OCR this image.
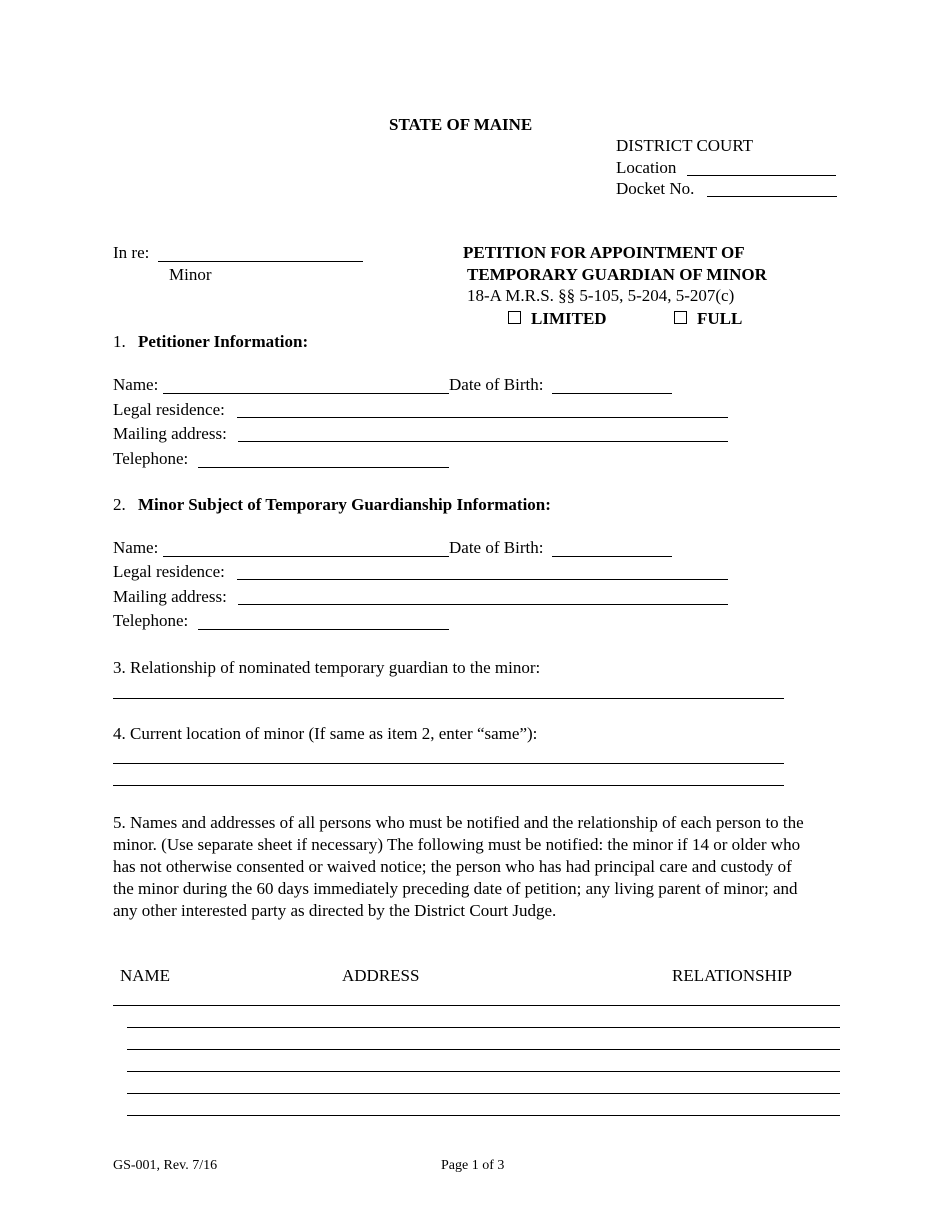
STATE OF MAINE
DISTRICT COURT
Location
Docket No.
In re:
Minor
PETITION FOR APPOINTMENT OF
TEMPORARY GUARDIAN OF MINOR
18-A M.R.S. §§ 5-105, 5-204, 5-207(c)
LIMITED	FULL
1. Petitioner Information:
Name:	Date of Birth:
Legal residence:
Mailing address:
Telephone:
2. Minor Subject of Temporary Guardianship Information:
Name:	Date of Birth:
Legal residence:
Mailing address:
Telephone:
3. Relationship of nominated temporary guardian to the minor:
4. Current location of minor (If same as item 2, enter “same”):
5. Names and addresses of all persons who must be notified and the relationship of each person to the minor. (Use separate sheet if necessary) The following must be notified: the minor if 14 or older who has not otherwise consented or waived notice; the person who has had principal care and custody of the minor during the 60 days immediately preceding date of petition; any living parent of minor; and any other interested party as directed by the District Court Judge.
NAME	ADDRESS	RELATIONSHIP
GS-001, Rev. 7/16	Page 1 of 3
